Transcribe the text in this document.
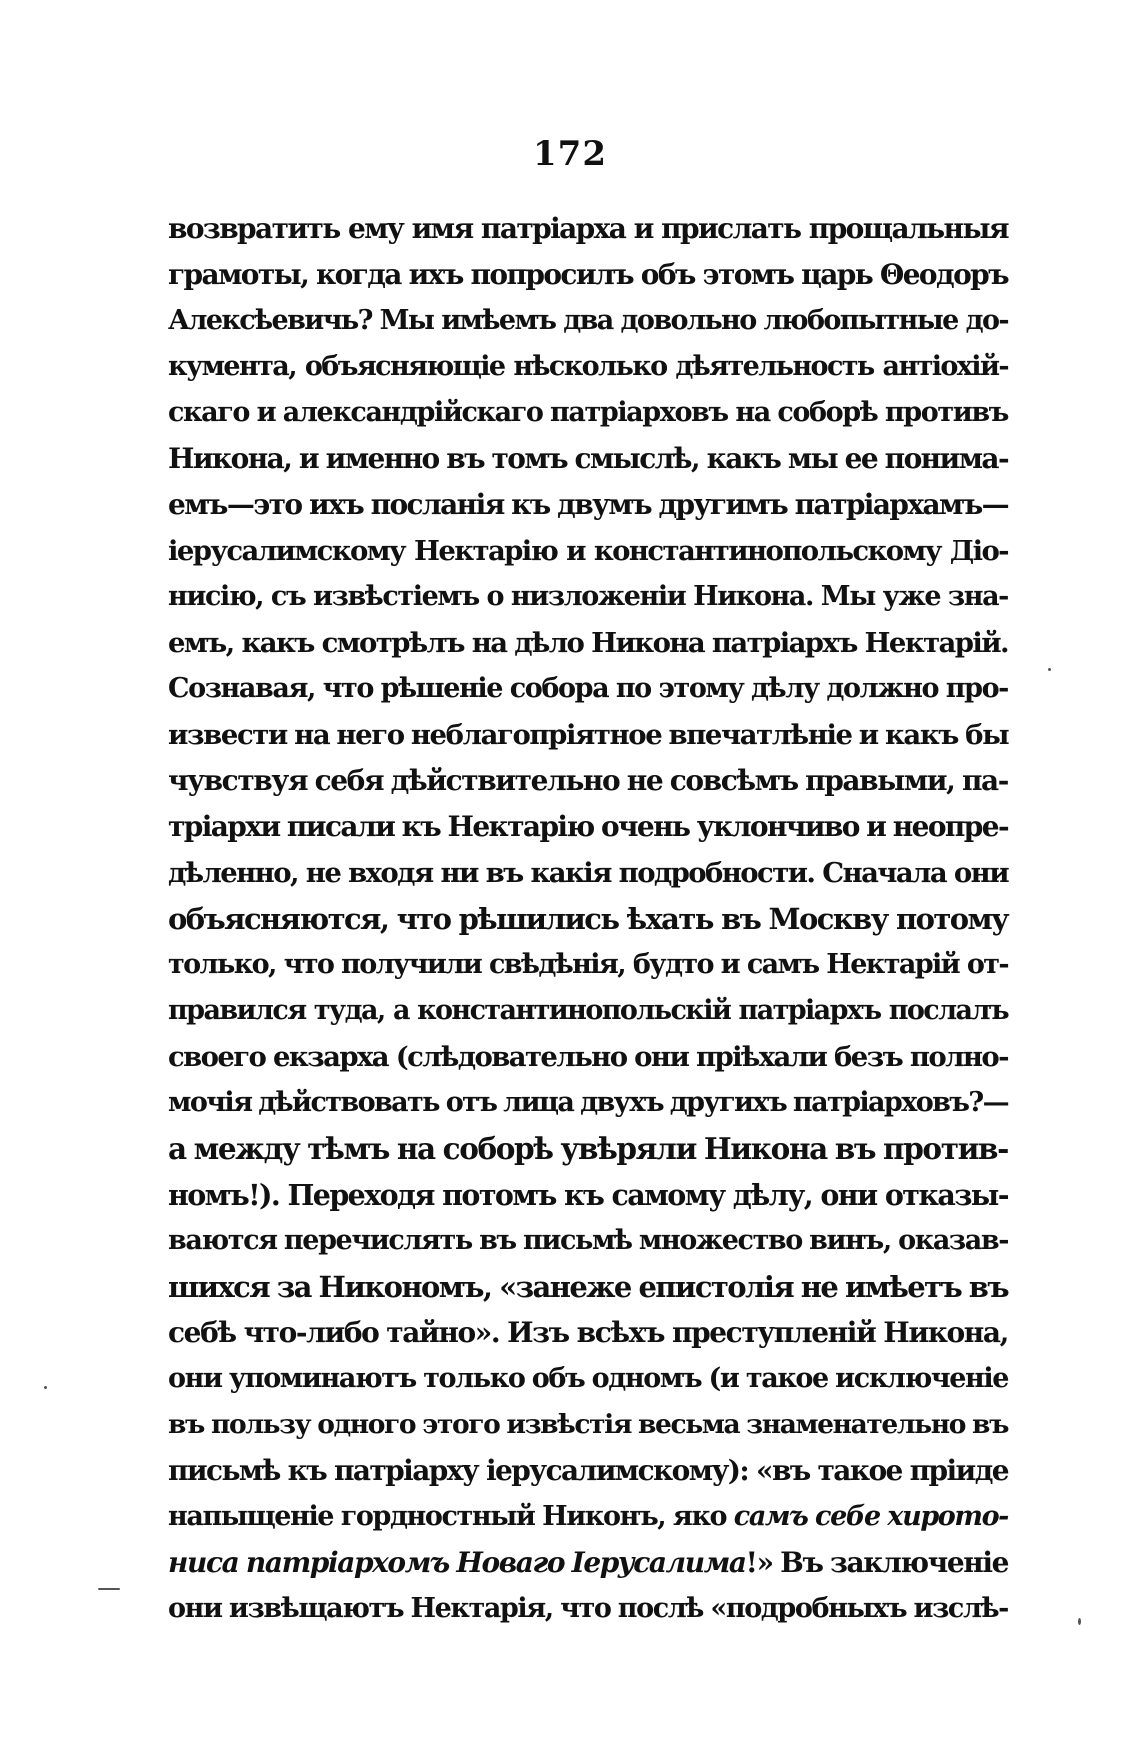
172
возвратить ему имя патріарха и прислать прощальныя
грамоты, когда ихъ попросилъ объ этомъ царь Θеодоръ
Алексѣевичь? Мы имѣемъ два довольно любопытные до-
кумента, объясняющіе нѣсколько дѣятельность антіохій-
скаго и александрійскаго патріарховъ на соборѣ противъ
Никона, и именно въ томъ смыслѣ, какъ мы ее понима-
емъ—это ихъ посланія къ двумъ другимъ патріархамъ—
іерусалимскому Нектарію и константинопольскому Діо-
нисію, съ извѣстіемъ о низложеніи Никона. Мы уже зна-
емъ, какъ смотрѣлъ на дѣло Никона патріархъ Нектарій.
Сознавая, что рѣшеніе собора по этому дѣлу должно про-
извести на него неблагопріятное впечатлѣніе и какъ бы
чувствуя себя дѣйствительно не совсѣмъ правыми, па-
тріархи писали къ Нектарію очень уклончиво и неопре-
дѣленно, не входя ни въ какія подробности. Сначала они
объясняются, что рѣшились ѣхать въ Москву потому
только, что получили свѣдѣнія, будто и самъ Нектарій от-
правился туда, а константинопольскій патріархъ послалъ
своего екзарха (слѣдовательно они пріѣхали безъ полно-
мочія дѣйствовать отъ лица двухъ другихъ патріарховъ?—
а между тѣмъ на соборѣ увѣряли Никона въ против-
номъ!). Переходя потомъ къ самому дѣлу, они отказы-
ваются перечислять въ письмѣ множество винъ, оказав-
шихся за Никономъ, «занеже епистолія не имѣетъ въ
себѣ что-либо тайно». Изъ всѣхъ преступленій Никона,
они упоминаютъ только объ одномъ (и такое исключеніе
въ пользу одного этого извѣстія весьма знаменательно въ
письмѣ къ патріарху іерусалимскому): «въ такое пріиде
напыщеніе гордностный Никонъ, яко самъ себе хирото-
ниса патріархомъ Новаго Іерусалима!» Въ заключеніе
они извѣщаютъ Нектарія, что послѣ «подробныхъ изслѣ-
